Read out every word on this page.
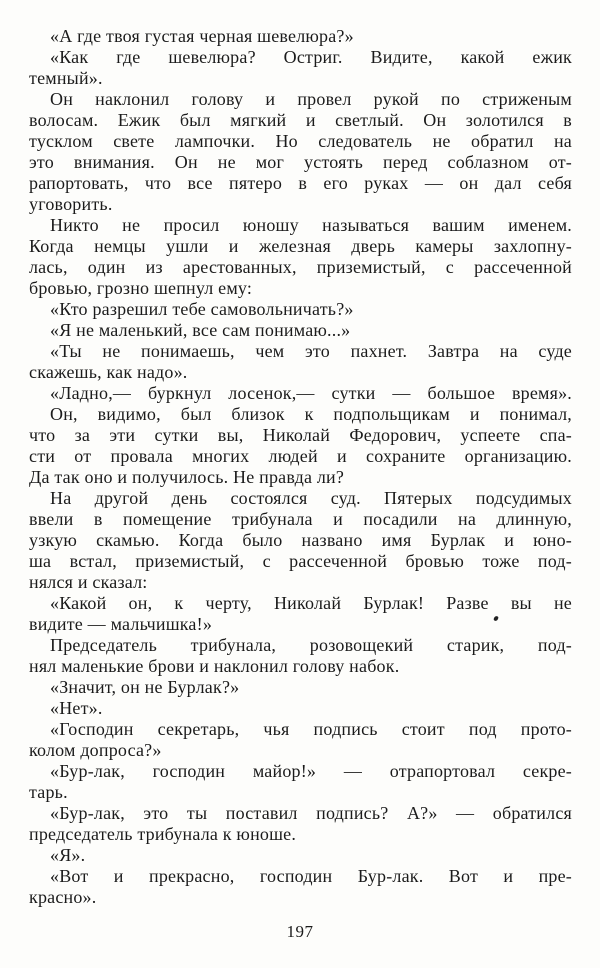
«А где твоя густая черная шевелюра?»

«Как где шевелюра? Остриг. Видите, какой ежик
темный».

Он наклонил голову и провел рукой по стриженым
волосам. Ежик был мягкий и светлый. Он золотился в
тусклом свете лампочки. Но следователь не обратил на
это внимания. Он не мог устоять перед соблазном от-
рапортовать, что все пятеро в его руках — он дал себя
уговорить.

Никто не просил юношу называться вашим именем.
Когда немцы ушли и железная дверь камеры захлопну-
лась, один из арестованных, приземистый, с рассеченной
бровью, грозно шепнул ему:

«Кто разрешил тебе самовольничать?»

«Я не маленький, все сам понимаю...»

«Ты не понимаешь, чем это пахнет. Завтра на суде
скажешь, как надо».

«Ладно,— буркнул лосенок,— сутки — большое время».

Он, видимо, был близок к подпольщикам и понимал,
что за эти сутки вы, Николай Федорович, успеете спа-
сти от провала многих людей и сохраните организацию.
Да так оно и получилось. Не правда ли?

На другой день состоялся суд. Пятерых подсудимых
ввели в помещение трибунала и посадили на длинную,
узкую скамью. Когда было названо имя Бурлак и юно-
ша встал, приземистый, с рассеченной бровью тоже под-
нялся и сказал:

«Какой он, к черту, Николай Бурлак! Разве вы не
видите — мальчишка!»

Председатель трибунала, розовощекий старик, под-
нял маленькие брови и наклонил голову набок.

«Значит, он не Бурлак?»

«Нет».

«Господин секретарь, чья подпись стоит под прото-
колом допроса?»

«Бур-лак, господин майор!» — отрапортовал секре-
тарь.

«Бур-лак, это ты поставил подпись? А?» — обратился
председатель трибунала к юноше.

«Я».

«Вот и прекрасно, господин Бур-лак. Вот и пре-
красно».

197
